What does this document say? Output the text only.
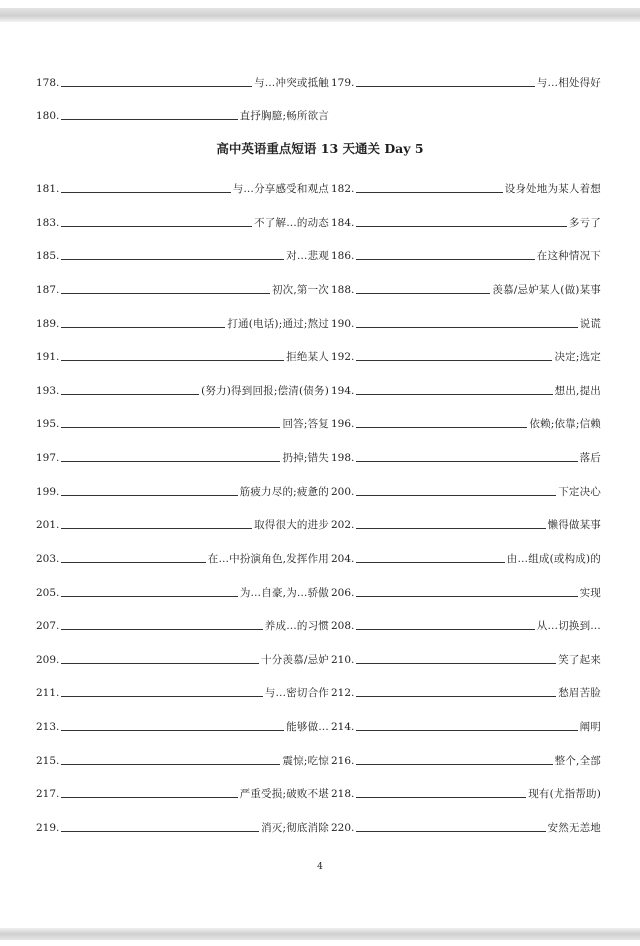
178.	与…冲突或抵触 179.	与…相处得好
180.	直抒胸臆;畅所欲言
高中英语重点短语 13 天通关 Day 5
181.	与…分享感受和观点 182.	设身处地为某人着想
183.	不了解…的动态 184.	多亏了
185.	对…悲观 186.	在这种情况下
187.	初次,第一次 188.	羡慕/忌妒某人(做)某事
189.	打通(电话);通过;熬过 190.	说谎
191.	拒绝某人 192.	决定;选定
193.	(努力)得到回报;偿清(债务) 194.	想出,提出
195.	回答;答复 196.	依赖;依靠;信赖
197.	扔掉;错失 198.	落后
199.	筋疲力尽的;疲惫的 200.	下定决心
201.	取得很大的进步 202.	懒得做某事
203.	在…中扮演角色,发挥作用 204.	由…组成(或构成)的
205.	为…自豪,为…骄傲 206.	实现
207.	养成…的习惯 208.	从…切换到…
209.	十分羡慕/忌妒 210.	笑了起来
211.	与…密切合作 212.	愁眉苦脸
213.	能够做… 214.	阐明
215.	震惊;吃惊 216.	整个,全部
217.	严重受损;破败不堪 218.	现有(尤指帮助)
219.	消灭;彻底消除 220.	安然无恙地
4
